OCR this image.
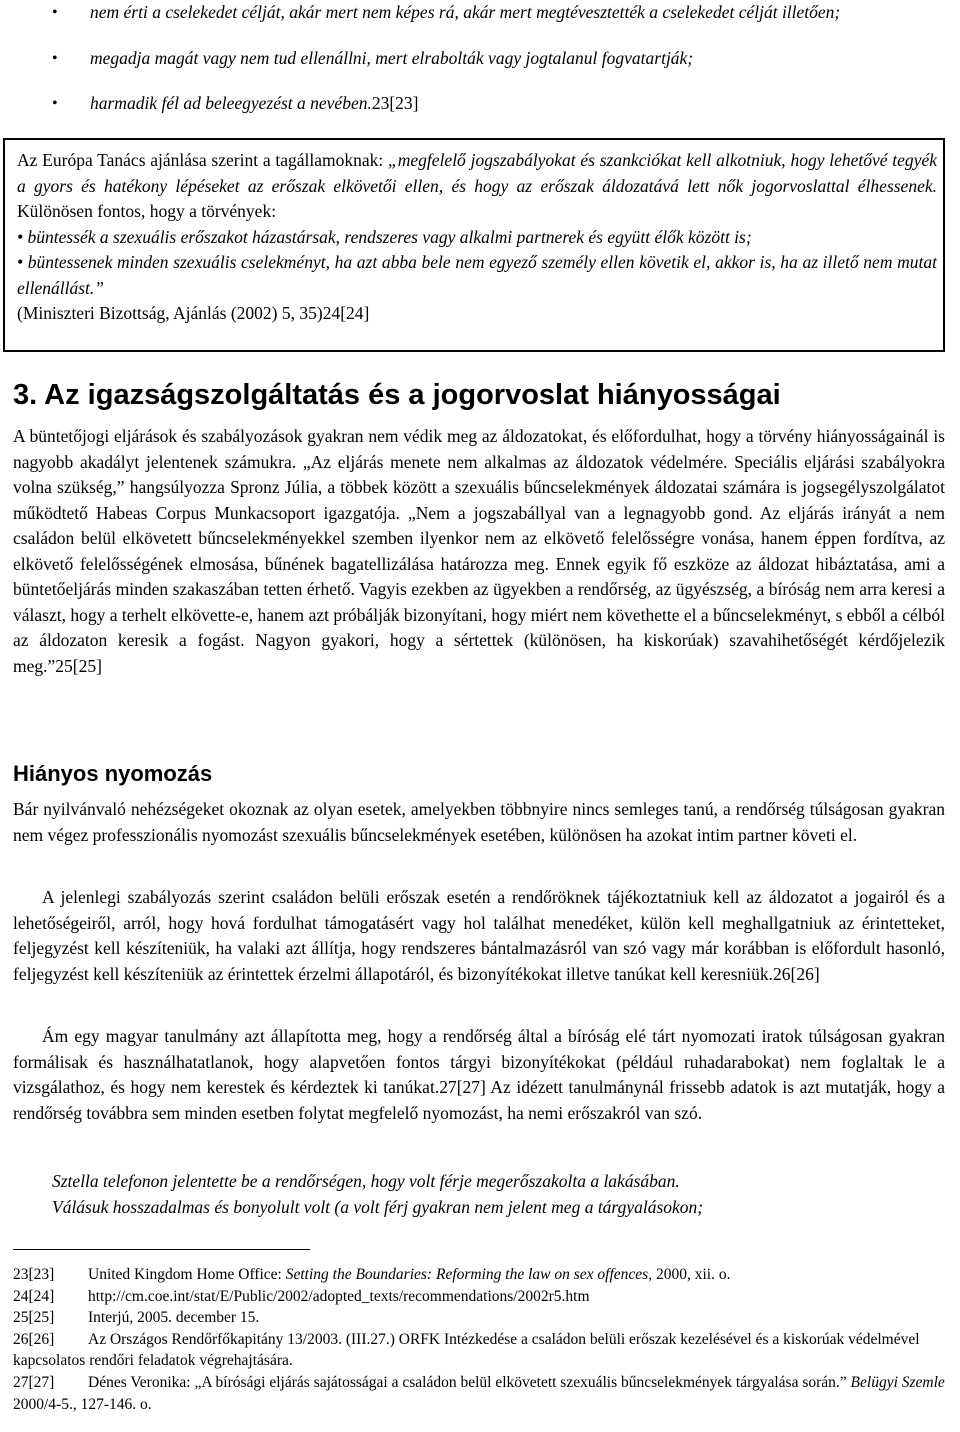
• nem érti a cselekedet célját, akár mert nem képes rá, akár mert megtévesztették a cselekedet célját illetően;
• megadja magát vagy nem tud ellenállni, mert elrabolták vagy jogtalanul fogvatartják;
• harmadik fél ad beleegyezést a nevében.23[23]

Az Európa Tanács ajánlása szerint a tagállamoknak: „megfelelő jogszabályokat és szankciókat kell alkotniuk, hogy lehetővé tegyék a gyors és hatékony lépéseket az erőszak elkövetői ellen, és hogy az erőszak áldozatává lett nők jogorvoslattal élhessenek. Különösen fontos, hogy a törvények:

• büntessék a szexuális erőszakot házastársak, rendszeres vagy alkalmi partnerek és együtt élők között is;

• büntessenek minden szexuális cselekményt, ha azt abba bele nem egyező személy ellen követik el, akkor is, ha az illető nem mutat ellenállást.”

(Miniszteri Bizottság, Ajánlás (2002) 5, 35)24[24]

3. Az igazságszolgáltatás és a jogorvoslat hiányosságai

A büntetőjogi eljárások és szabályozások gyakran nem védik meg az áldozatokat, és előfordulhat, hogy a törvény hiányosságainál is nagyobb akadályt jelentenek számukra. „Az eljárás menete nem alkalmas az áldozatok védelmére. Speciális eljárási szabályokra volna szükség,” hangsúlyozza Spronz Júlia, a többek között a szexuális bűncselekmények áldozatai számára is jogsegélyszolgálatot működtető Habeas Corpus Munkacsoport igazgatója. „Nem a jogszabállyal van a legnagyobb gond. Az eljárás irányát a nem családon belül elkövetett bűncselekményekkel szemben ilyenkor nem az elkövető felelősségre vonása, hanem éppen fordítva, az elkövető felelősségének elmosása, bűnének bagatellizálása határozza meg. Ennek egyik fő eszköze az áldozat hibáztatása, ami a büntetőeljárás minden szakaszában tetten érhető. Vagyis ezekben az ügyekben a rendőrség, az ügyészség, a bíróság nem arra keresi a választ, hogy a terhelt elkövette-e, hanem azt próbálják bizonyítani, hogy miért nem követhette el a bűncselekményt, s ebből a célból az áldozaton keresik a fogást. Nagyon gyakori, hogy a sértettek (különösen, ha kiskorúak) szavahihetőségét kérdőjelezik meg.”25[25]

Hiányos nyomozás

Bár nyilvánvaló nehézségeket okoznak az olyan esetek, amelyekben többnyire nincs semleges tanú, a rendőrség túlságosan gyakran nem végez professzionális nyomozást szexuális bűncselekmények esetében, különösen ha azokat intim partner követi el.

A jelenlegi szabályozás szerint családon belüli erőszak esetén a rendőröknek tájékoztatniuk kell az áldozatot a jogairól és a lehetőségeiről, arról, hogy hová fordulhat támogatásért vagy hol találhat menedéket, külön kell meghallgatniuk az érintetteket, feljegyzést kell készíteniük, ha valaki azt állítja, hogy rendszeres bántalmazásról van szó vagy már korábban is előfordult hasonló, feljegyzést kell készíteniük az érintettek érzelmi állapotáról, és bizonyítékokat illetve tanúkat kell keresniük.26[26]

Ám egy magyar tanulmány azt állapította meg, hogy a rendőrség által a bíróság elé tárt nyomozati iratok túlságosan gyakran formálisak és használhatatlanok, hogy alapvetően fontos tárgyi bizonyítékokat (például ruhadarabokat) nem foglaltak le a vizsgálathoz, és hogy nem kerestek és kérdeztek ki tanúkat.27[27] Az idézett tanulmánynál frissebb adatok is azt mutatják, hogy a rendőrség továbbra sem minden esetben folytat megfelelő nyomozást, ha nemi erőszakról van szó.

Sztella telefonon jelentette be a rendőrségen, hogy volt férje megerőszakolta a lakásában.

Válásuk hosszadalmas és bonyolult volt (a volt férj gyakran nem jelent meg a tárgyalásokon;

23[23] United Kingdom Home Office: Setting the Boundaries: Reforming the law on sex offences, 2000, xii. o.

24[24] http://cm.coe.int/stat/E/Public/2002/adopted_texts/recommendations/2002r5.htm

25[25] Interjú, 2005. december 15.

26[26] Az Országos Rendőrfőkapitány 13/2003. (III.27.) ORFK Intézkedése a családon belüli erőszak kezelésével és a kiskorúak védelmével kapcsolatos rendőri feladatok végrehajtására.

27[27] Dénes Veronika: „A bírósági eljárás sajátosságai a családon belül elkövetett szexuális bűncselekmények tárgyalása során.” Belügyi Szemle 2000/4-5., 127-146. o.
